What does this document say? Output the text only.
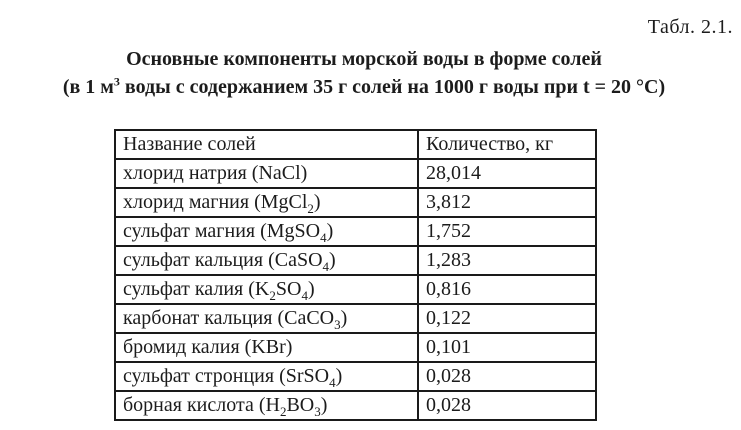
Табл. 2.1.
Основные компоненты морской воды в форме солей
(в 1 $м^3$ воды с содержанием 35 г солей на 1000 г воды при t = 20 °C)
Название солей	Количество, кг
хлорид натрия (NaCl)	28,014
хлорид магния (MgCl$_2$)	3,812
сульфат магния (MgSO$_4$)	1,752
сульфат кальция (CaSO$_4$)	1,283
сульфат калия $(K_2SO_4)$	0,816
карбонат кальция (CaCO$_3$)	0,122
бромид калия (KBr)	0,101
сульфат стронция (SrSO$_4$)	0,028
борная кислота $(H_2BO_3)$	0,028
